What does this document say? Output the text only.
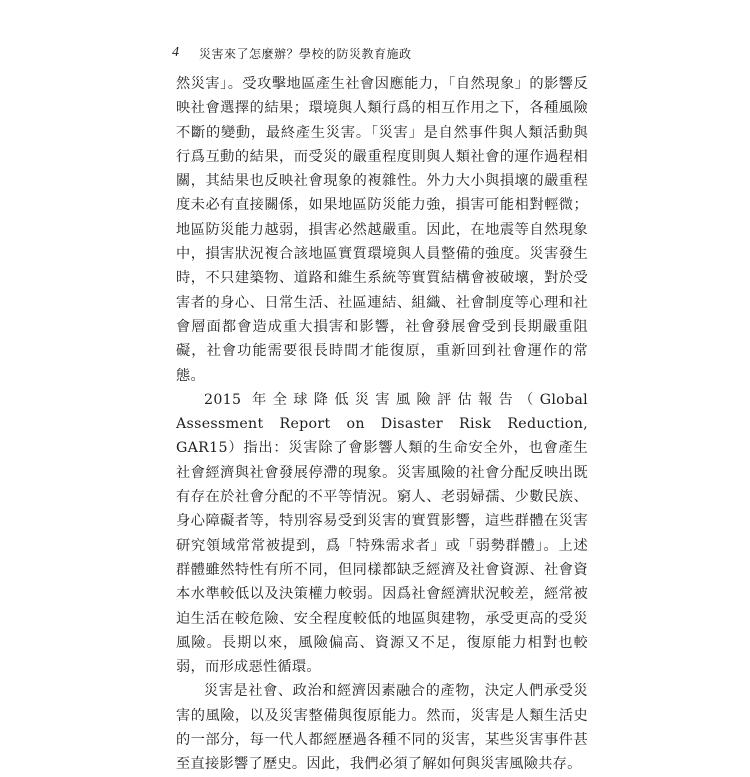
4 災害來了怎麼辦？學校的防災教育施政

然災害」。受攻擊地區產生社會因應能力，「自然現象」的影響反映社會選擇的結果；環境與人類行爲的相互作用之下，各種風險不斷的變動，最終產生災害。「災害」是自然事件與人類活動與行爲互動的結果，而受災的嚴重程度則與人類社會的運作過程相關，其結果也反映社會現象的複雜性。外力大小與損壞的嚴重程度未必有直接關係，如果地區防災能力強，損害可能相對輕微；地區防災能力越弱，損害必然越嚴重。因此，在地震等自然現象中，損害狀況複合該地區實質環境與人員整備的強度。災害發生時，不只建築物、道路和維生系統等實質結構會被破壞，對於受害者的身心、日常生活、社區連結、組織、社會制度等心理和社會層面都會造成重大損害和影響，社會發展會受到長期嚴重阻礙，社會功能需要很長時間才能復原，重新回到社會運作的常態。

2015 年全球降低災害風險評估報告（Global Assessment Report on Disaster Risk Reduction, GAR15）指出：災害除了會影響人類的生命安全外，也會產生社會經濟與社會發展停滯的現象。災害風險的社會分配反映出既有存在於社會分配的不平等情況。窮人、老弱婦孺、少數民族、身心障礙者等，特別容易受到災害的實質影響，這些群體在災害研究領域常常被提到，爲「特殊需求者」或「弱勢群體」。上述群體雖然特性有所不同，但同樣都缺乏經濟及社會資源、社會資本水準較低以及決策權力較弱。因爲社會經濟狀況較差，經常被迫生活在較危險、安全程度較低的地區與建物，承受更高的受災風險。長期以來，風險偏高、資源又不足，復原能力相對也較弱，而形成惡性循環。

災害是社會、政治和經濟因素融合的產物，決定人們承受災害的風險，以及災害整備與復原能力。然而，災害是人類生活史的一部分，每一代人都經歷過各種不同的災害，某些災害事件甚至直接影響了歷史。因此，我們必須了解如何與災害風險共存。
